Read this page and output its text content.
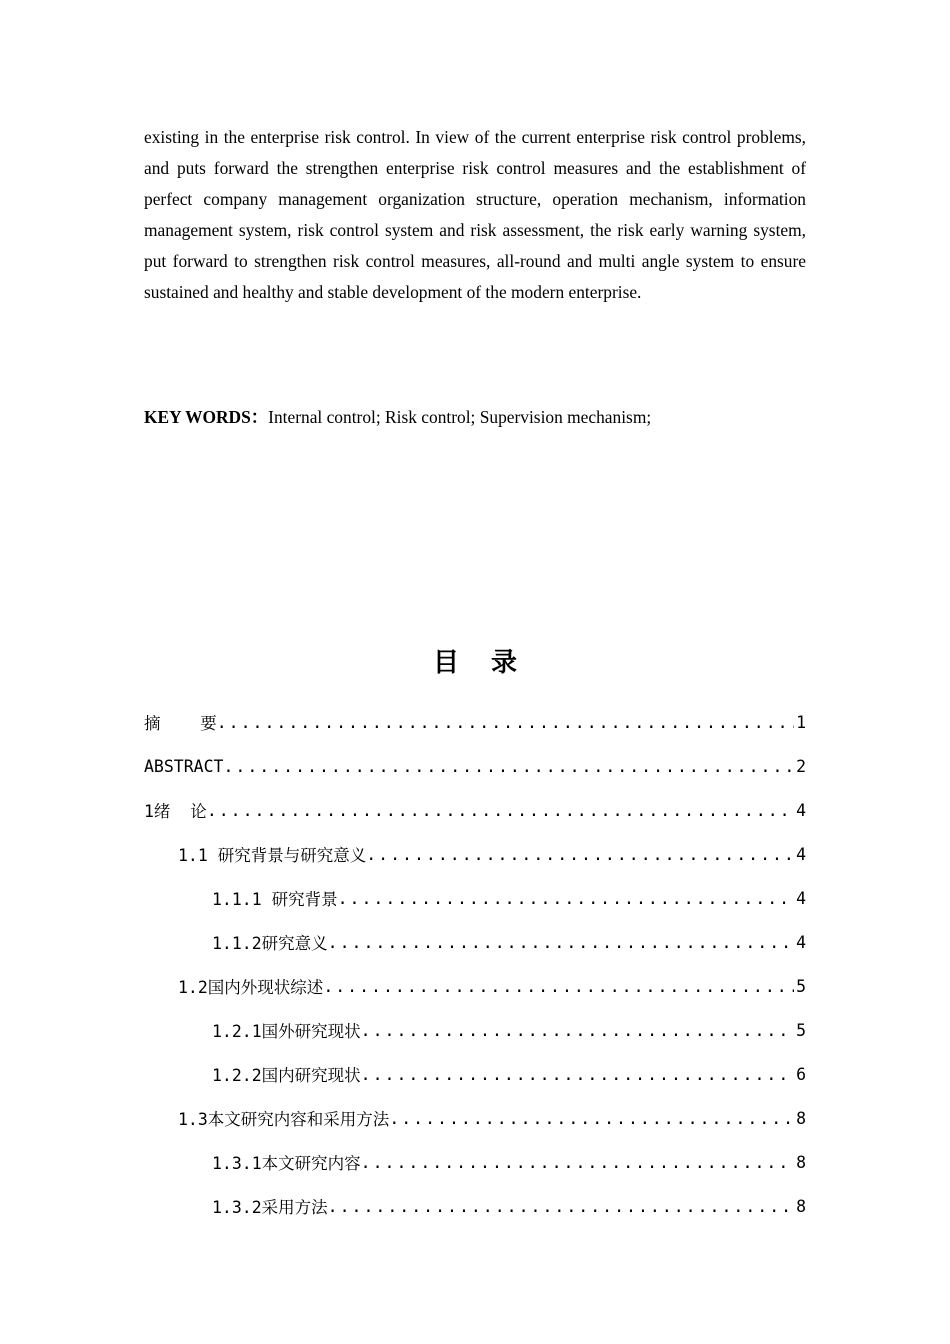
existing in the enterprise risk control. In view of the current enterprise risk control problems, and puts forward the strengthen enterprise risk control measures and the establishment of perfect company management organization structure, operation mechanism, information management system, risk control system and risk assessment, the risk early warning system, put forward to strengthen risk control measures, all-round and multi angle system to ensure sustained and healthy and stable development of the modern enterprise.

KEY WORDS：Internal control; Risk control; Supervision mechanism;

目录
摘    要 .....	1
ABSTRACT .....	2
1绪  论 .....	4
1.1 研究背景与研究意义 .....	4
1.1.1 研究背景 .....	4
1.1.2研究意义 .....	4
1.2国内外现状综述 .....	5
1.2.1国外研究现状 .....	5
1.2.2国内研究现状 .....	6
1.3本文研究内容和采用方法 .....	8
1.3.1本文研究内容 .....	8
1.3.2采用方法 .....	8
